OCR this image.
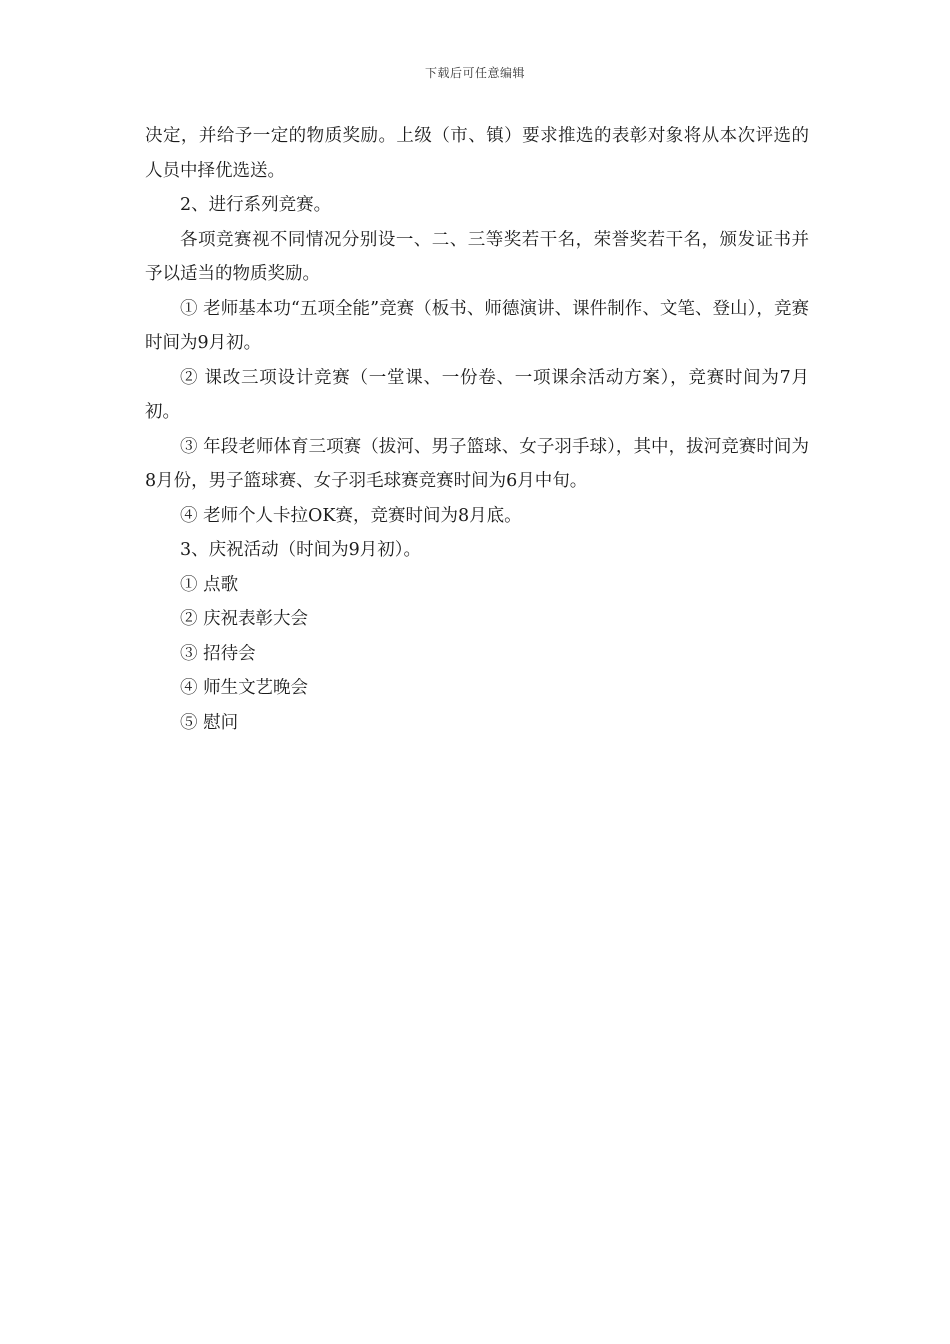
下载后可任意编辑

决定，并给予一定的物质奖励。上级（市、镇）要求推选的表彰对象将从本次评选的人员中择优选送。

2、进行系列竞赛。

各项竞赛视不同情况分别设一、二、三等奖若干名，荣誉奖若干名，颁发证书并予以适当的物质奖励。

① 老师基本功“五项全能”竞赛（板书、师德演讲、课件制作、文笔、登山），竞赛时间为9月初。

② 课改三项设计竞赛（一堂课、一份卷、一项课余活动方案），竞赛时间为7月初。

③ 年段老师体育三项赛（拔河、男子篮球、女子羽手球），其中，拔河竞赛时间为8月份，男子篮球赛、女子羽毛球赛竞赛时间为6月中旬。

④ 老师个人卡拉OK赛，竞赛时间为8月底。

3、庆祝活动（时间为9月初）。

① 点歌

② 庆祝表彰大会

③ 招待会

④ 师生文艺晚会

⑤ 慰问
